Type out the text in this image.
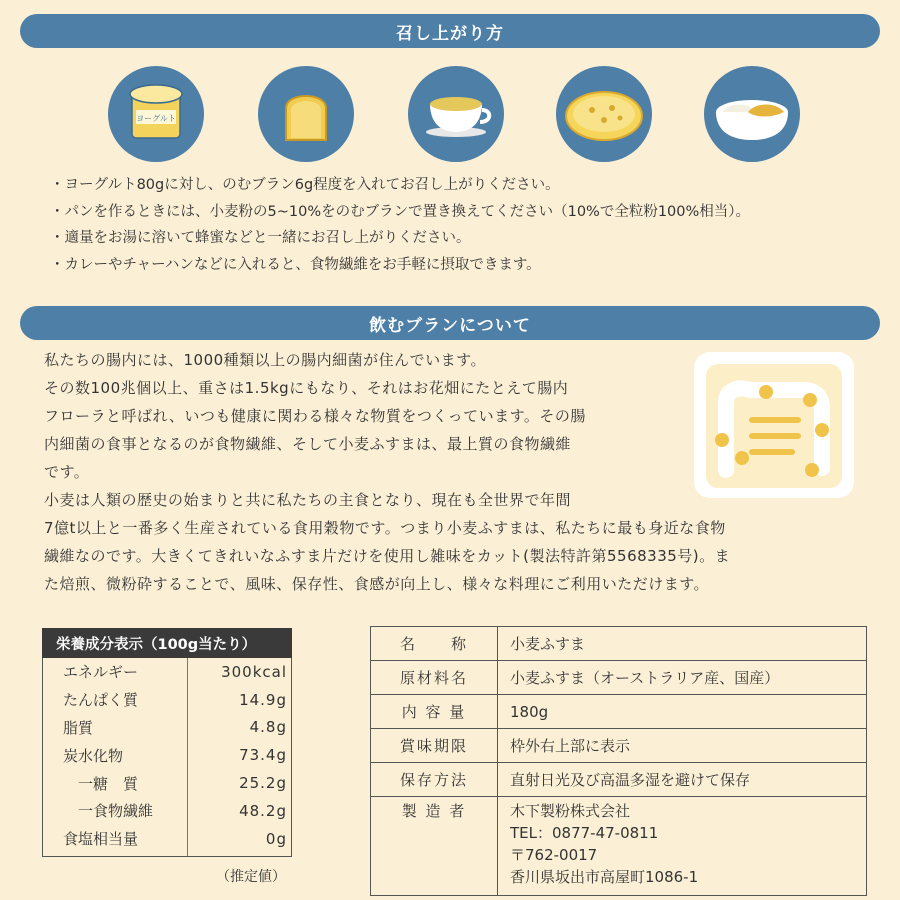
召し上がり方
ヨーグルト
・ヨーグルト80gに対し、のむブラン6g程度を入れてお召し上がりください。
・パンを作るときには、小麦粉の5~10%をのむブランで置き換えてください（10%で全粒粉100%相当）。
・適量をお湯に溶いて蜂蜜などと一緒にお召し上がりください。
・カレーやチャーハンなどに入れると、食物繊維をお手軽に摂取できます。
飲むブランについて

私たちの腸内には、1000種類以上の腸内細菌が住んでいます。

その数100兆個以上、重さは1.5kgにもなり、それはお花畑にたとえて腸内

フローラと呼ばれ、いつも健康に関わる様々な物質をつくっています。その腸

内細菌の食事となるのが食物繊維、そして小麦ふすまは、最上質の食物繊維

です。

小麦は人類の歴史の始まりと共に私たちの主食となり、現在も全世界で年間

7億t以上と一番多く生産されている食用穀物です。つまり小麦ふすまは、私たちに最も身近な食物

繊維なのです。大きくてきれいなふすま片だけを使用し雑味をカット(製法特許第5568335号)。ま

た焙煎、微粉砕することで、風味、保存性、食感が向上し、様々な料理にご利用いただけます。

栄養成分表示（100g当たり）
エネルギー	300kcal
たんぱく質	14.9g
脂質	4.8g
炭水化物	73.4g
　一糖　質	25.2g
　一食物繊維	48.2g
食塩相当量	0g
（推定値）
名　　称	小麦ふすま
原材料名	小麦ふすま（オーストラリア産、国産）
内 容 量	180g
賞味期限	枠外右上部に表示
保存方法	直射日光及び高温多湿を避けて保存
製 造 者	木下製粉株式会社
TEL：0877-47-0811
〒762-0017
香川県坂出市高屋町1086-1
